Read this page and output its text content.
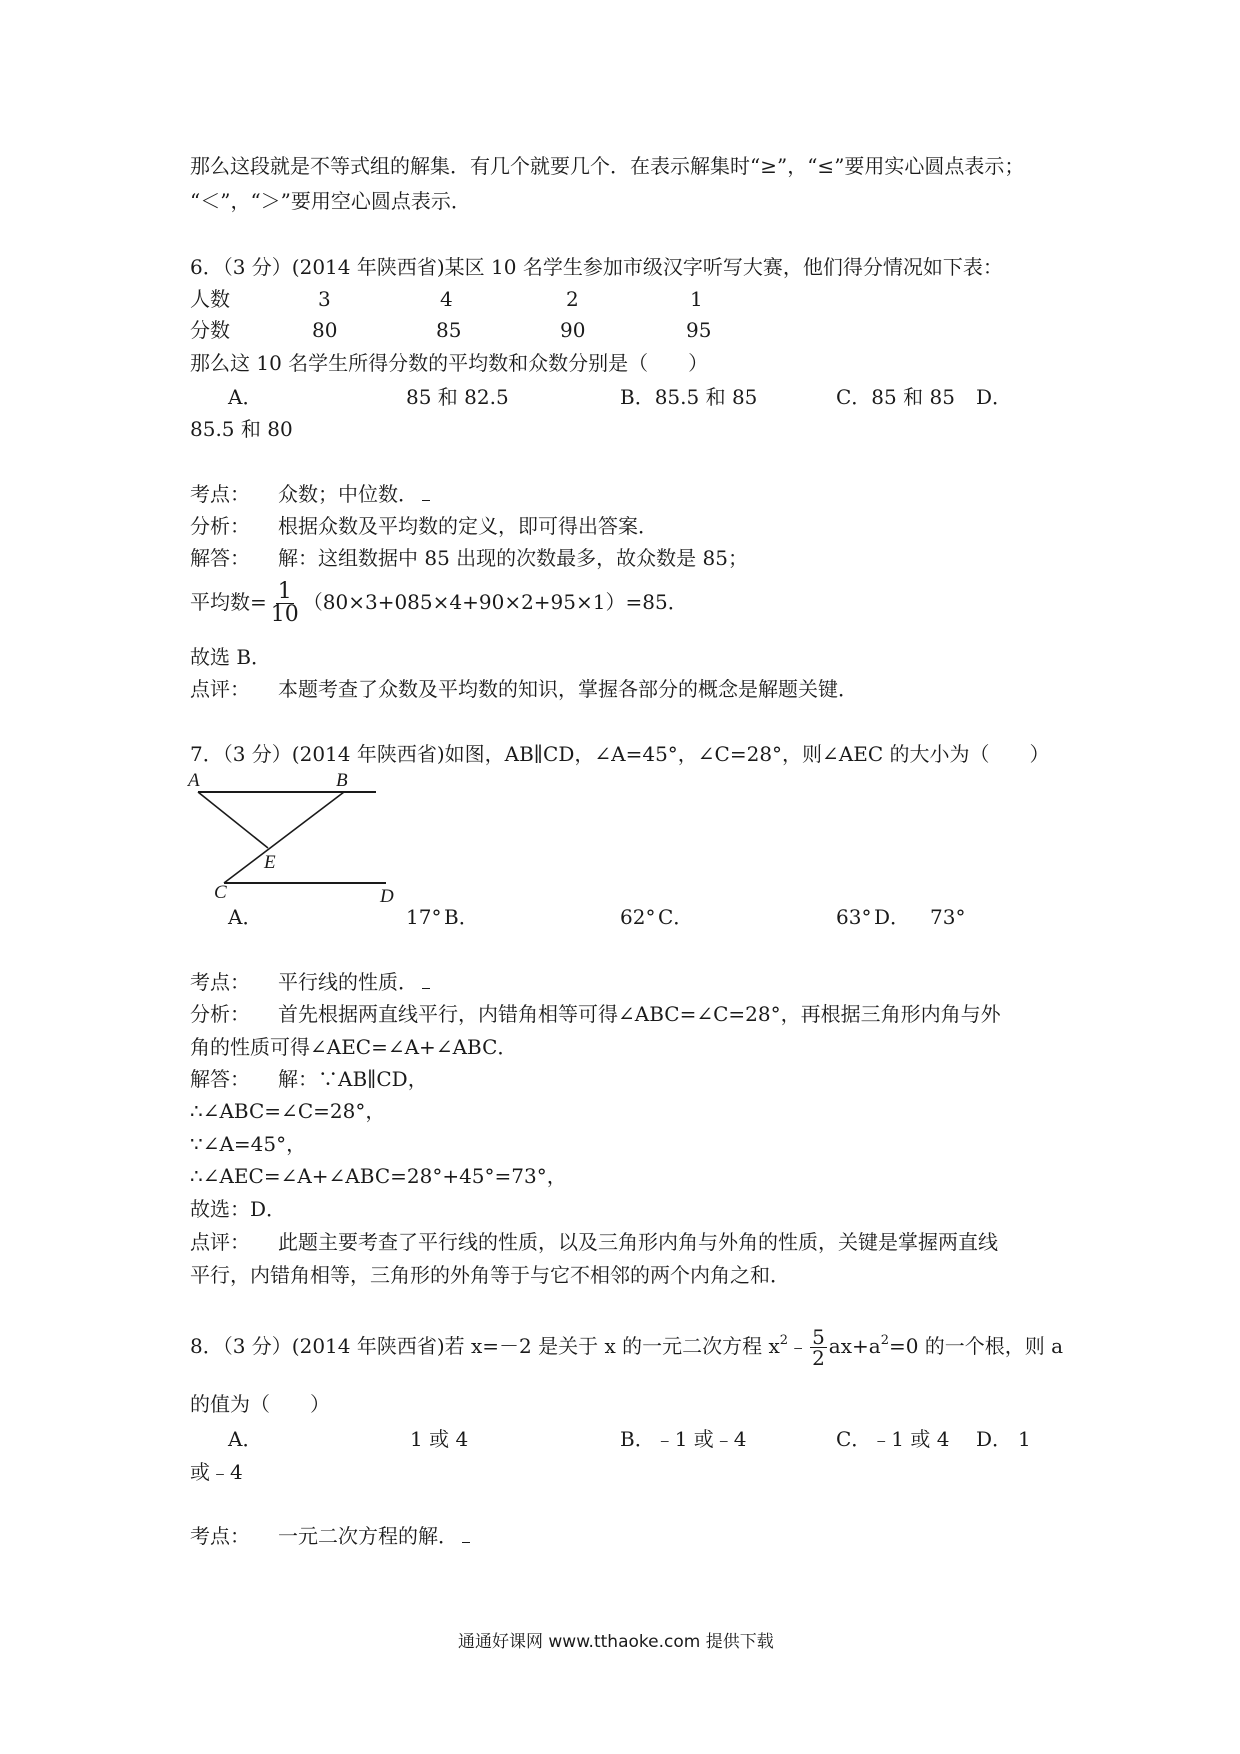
那么这段就是不等式组的解集．有几个就要几个．在表示解集时“≥”，“≤”要用实心圆点表示；
“＜”，“＞”要用空心圆点表示．
6．（3 分）(2014 年陕西省)某区 10 名学生参加市级汉字听写大赛，他们得分情况如下表：
人数	3	4	2	1
分数	80	85	90	95
那么这 10 名学生所得分数的平均数和众数分别是（　　）
A．	85 和 82.5	B．85.5 和 85	C．85 和 85 D．
85.5 和 80
考点： 众数；中位数．
分析： 根据众数及平均数的定义，即可得出答案．
解答： 解：这组数据中 85 出现的次数最多，故众数是 85；
平均数= $\frac{1}{10} (80\times 3+085\times 4+90\times 2+95\times 1)=85$．
故选 B．
点评： 本题考查了众数及平均数的知识，掌握各部分的概念是解题关键．
7．（3 分）(2014 年陕西省)如图，AB∥CD，∠A=45°，∠C=28°，则∠AEC 的大小为（　　）
A	B
E
C	D
A．	17° B．	62° C．	63° D． 73°
考点： 平行线的性质．
分析： 首先根据两直线平行，内错角相等可得∠ABC=∠C=28°，再根据三角形内角与外
角的性质可得∠AEC=∠A+∠ABC．
解答： 解：∵AB∥CD，
∴∠ABC=∠C=28°，
∵∠A=45°，
∴∠AEC=∠A+∠ABC=28°+45°=73°，
故选：D．
点评： 此题主要考查了平行线的性质，以及三角形内角与外角的性质，关键是掌握两直线
平行，内错角相等，三角形的外角等于与它不相邻的两个内角之和．
8．（3 分）(2014 年陕西省)若 x=－2 是关于 x 的一元二次方程 $x^2﹣ \frac{5}{2} ax+a^2=0$ 的一个根，则 a
的值为（　　）
A．	1 或 4	B．﹣1 或﹣4	C．﹣1 或 4 D． 1
或﹣4
考点： 一元二次方程的解．
通通好课网 www.tthaoke.com 提供下载
